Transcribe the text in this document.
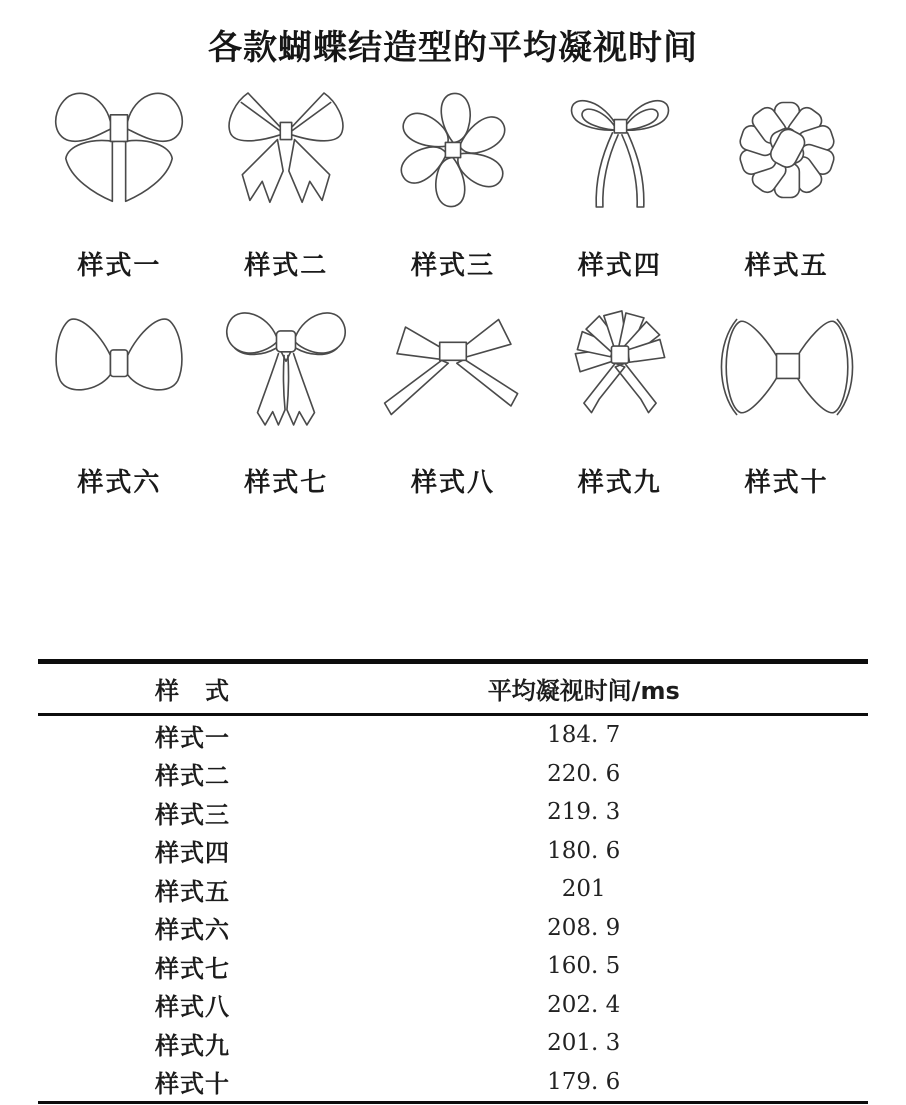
各款蝴蝶结造型的平均凝视时间
样式一	样式二	样式三	样式四	样式五
样式六	样式七	样式八	样式九	样式十
样　式	平均凝视时间/ms
样式一	184. 7
样式二	220. 6
样式三	219. 3
样式四	180. 6
样式五	201
样式六	208. 9
样式七	160. 5
样式八	202. 4
样式九	201. 3
样式十	179. 6
